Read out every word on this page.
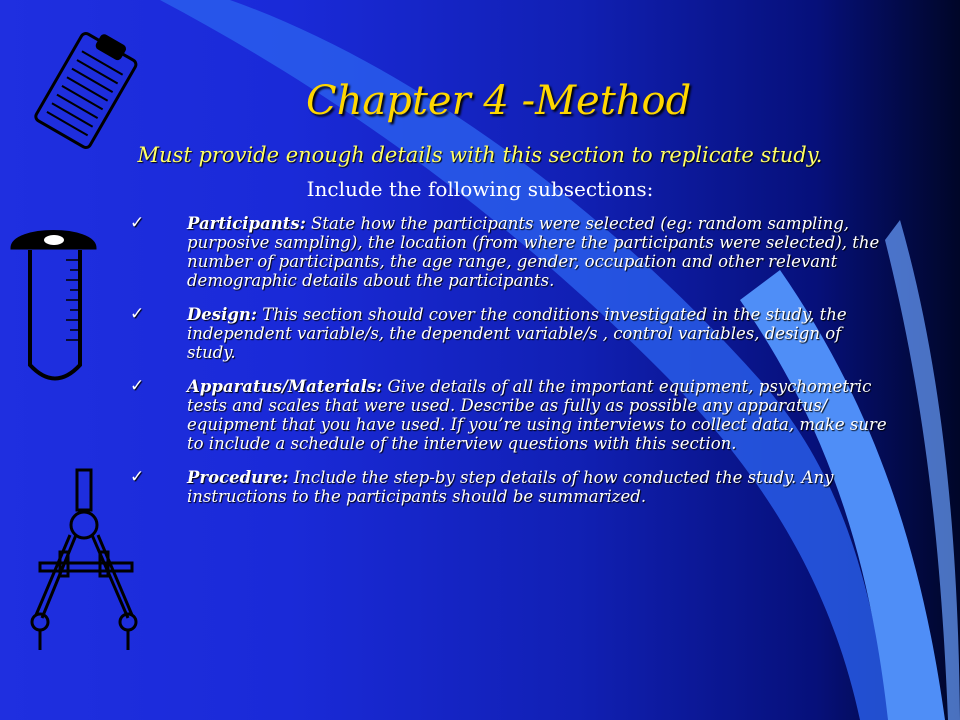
Chapter 4 -Method

Must provide enough details with this section to replicate study.

Include the following subsections:

✓	Participants: State how the participants were selected (eg: random sampling, purposive sampling), the location (from where the participants were selected), the number of participants, the age range, gender, occupation and other relevant demographic details about the participants.
✓	Design: This section should cover the conditions investigated in the study, the independent variable/s, the dependent variable/s , control variables, design of study.
✓	Apparatus/Materials: Give details of all the important equipment, psychometric tests and scales that were used. Describe as fully as possible any apparatus/ equipment that you have used. If you’re using interviews to collect data, make sure to include a schedule of the interview questions with this section.
✓	Procedure: Include the step-by step details of how conducted the study. Any instructions to the participants should be summarized.
